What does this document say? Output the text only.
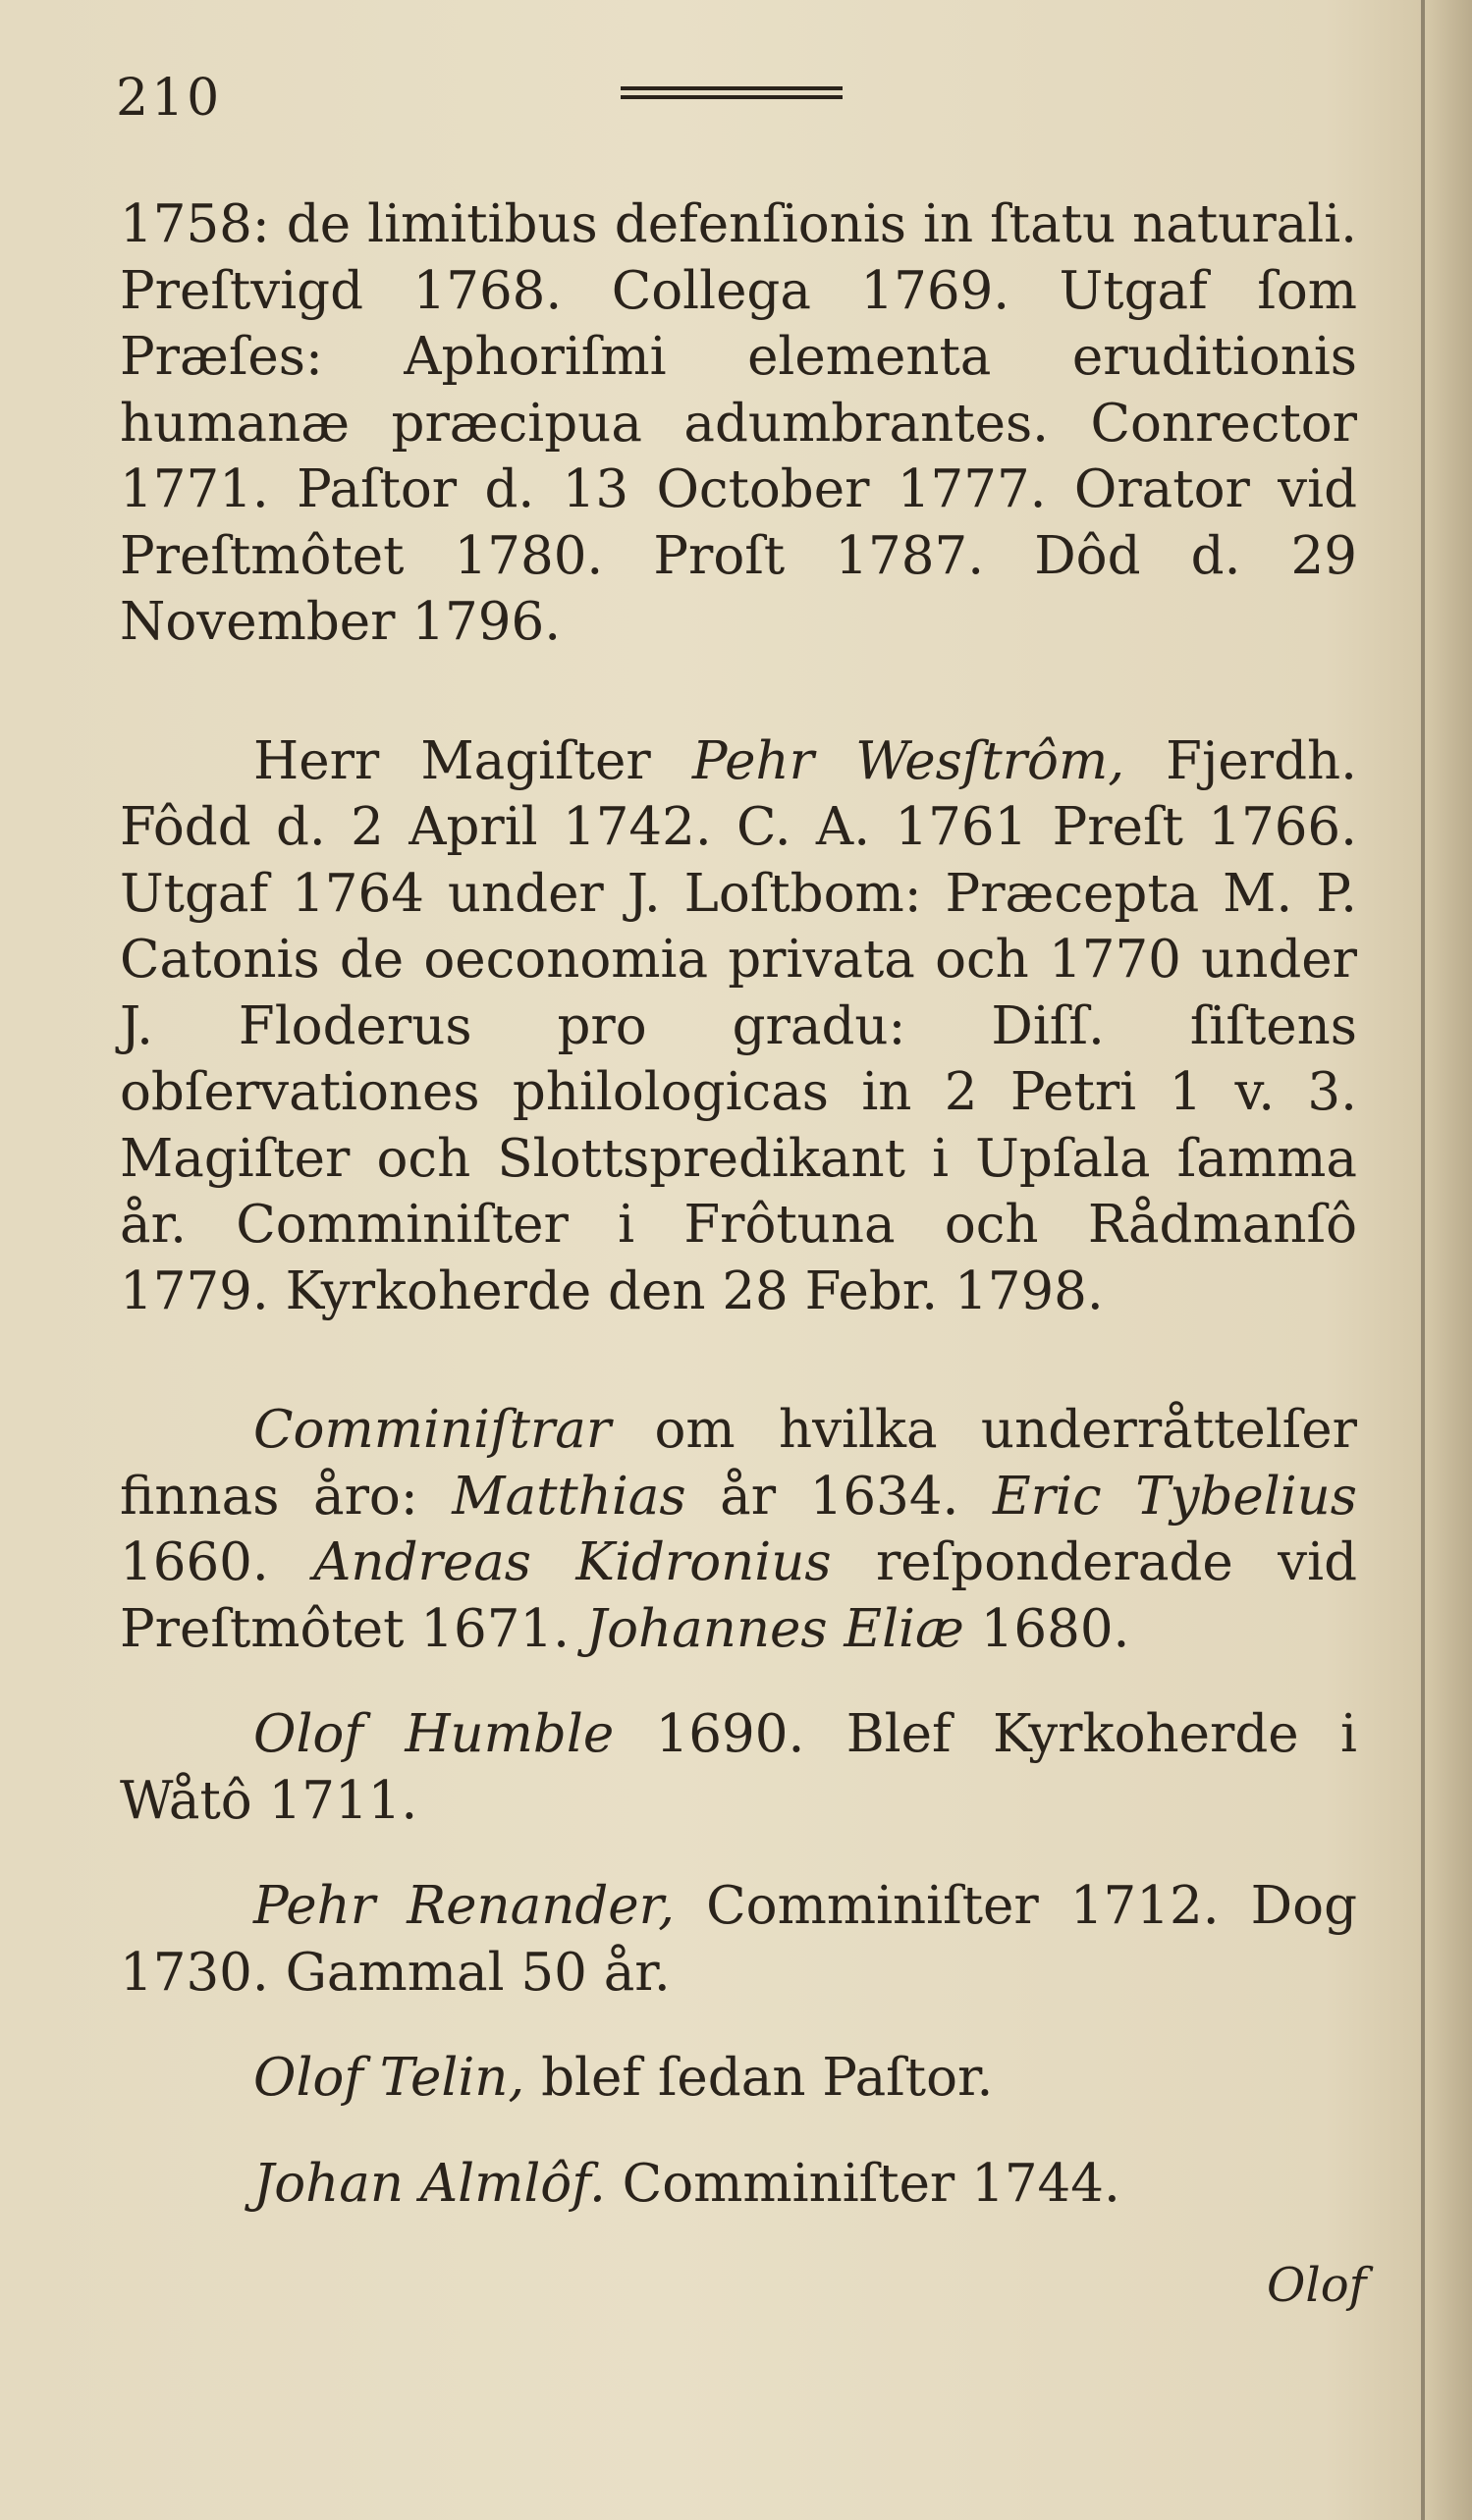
210

1758: de limitibus defenſionis in ſtatu naturali. Preſtvigd 1768. Collega 1769. Utgaf ſom Præſes: Aphoriſmi elementa eruditionis humanæ præcipua adumbrantes. Conrector 1771. Paſtor d. 13 October 1777. Orator vid Preſtmôtet 1780. Proſt 1787. Dôd d. 29 November 1796.

Herr Magiſter Pehr Wesſtrôm, Fjerdh. Fôdd d. 2 April 1742. C. A. 1761 Preſt 1766. Utgaf 1764 under J. Loſtbom: Præcepta M. P. Catonis de oeconomia privata och 1770 under J. Floderus pro gradu: Diſſ. ſiſtens obſervationes philologicas in 2 Petri 1 v. 3. Magiſter och Slottspredikant i Upſala ſamma år. Comminiſter i Frôtuna och Rådmanſô 1779. Kyrkoherde den 28 Febr. 1798.

Comminiſtrar om hvilka underråttelſer finnas åro: Matthias år 1634. Eric Tybelius 1660. Andreas Kidronius reſponderade vid Preſtmôtet 1671. Johannes Eliæ 1680.

Olof Humble 1690. Blef Kyrkoherde i Wåtô 1711.

Pehr Renander, Comminiſter 1712. Dog 1730. Gammal 50 år.

Olof Telin, blef ſedan Paſtor.

Johan Almlôf. Comminiſter 1744.

Olof
